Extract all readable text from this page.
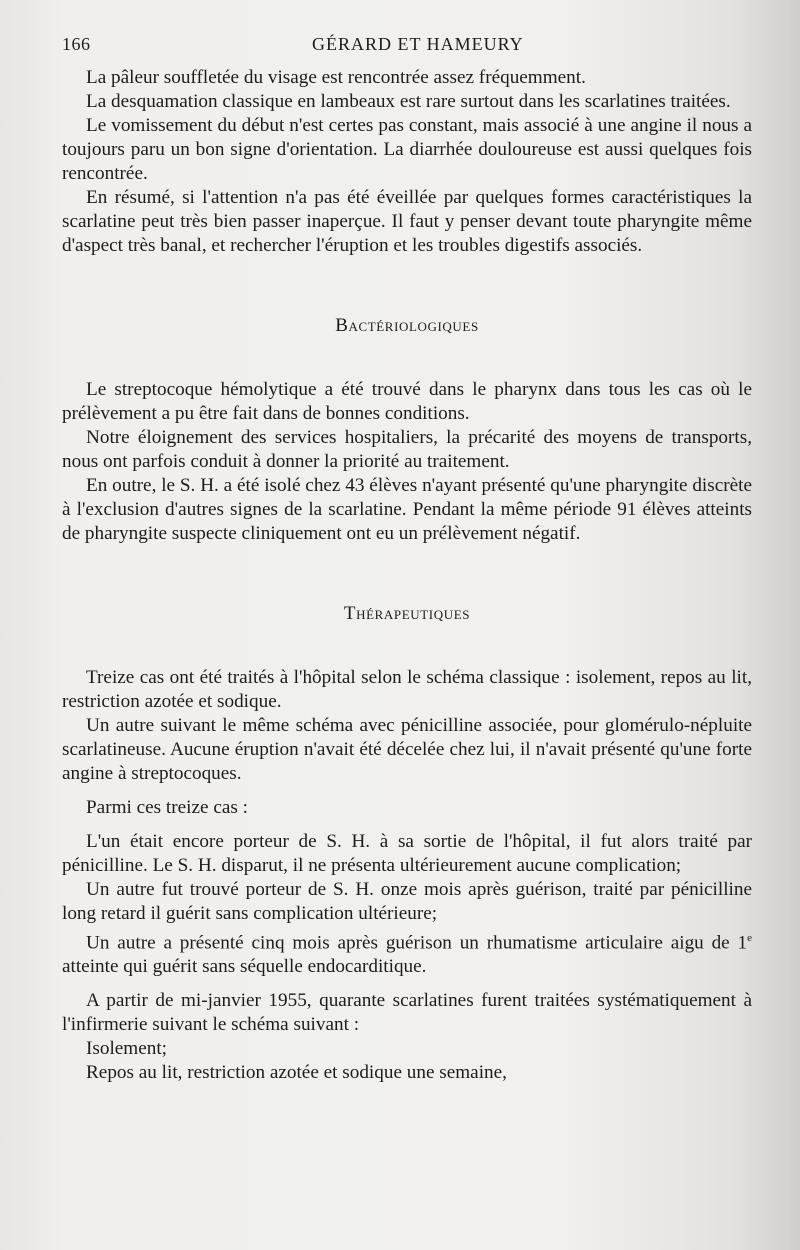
166	GÉRARD ET HAMEURY

La pâleur souffletée du visage est rencontrée assez fréquemment.

La desquamation classique en lambeaux est rare surtout dans les scarlatines traitées.

Le vomissement du début n'est certes pas constant, mais associé à une angine il nous a toujours paru un bon signe d'orientation. La diarrhée douloureuse est aussi quelques fois rencontrée.

En résumé, si l'attention n'a pas été éveillée par quelques formes caractéristiques la scarlatine peut très bien passer inaperçue. Il faut y penser devant toute pharyngite même d'aspect très banal, et rechercher l'éruption et les troubles digestifs associés.

Bactériologiques

Le streptocoque hémolytique a été trouvé dans le pharynx dans tous les cas où le prélèvement a pu être fait dans de bonnes conditions.

Notre éloignement des services hospitaliers, la précarité des moyens de transports, nous ont parfois conduit à donner la priorité au traitement.

En outre, le S. H. a été isolé chez 43 élèves n'ayant présenté qu'une pharyngite discrète à l'exclusion d'autres signes de la scarlatine. Pendant la même période 91 élèves atteints de pharyngite suspecte cliniquement ont eu un prélèvement négatif.

Thérapeutiques

Treize cas ont été traités à l'hôpital selon le schéma classique : isolement, repos au lit, restriction azotée et sodique.

Un autre suivant le même schéma avec pénicilline associée, pour glomérulo-népluite scarlatineuse. Aucune éruption n'avait été décelée chez lui, il n'avait présenté qu'une forte angine à streptocoques.

Parmi ces treize cas :

L'un était encore porteur de S. H. à sa sortie de l'hôpital, il fut alors traité par pénicilline. Le S. H. disparut, il ne présenta ultérieurement aucune complication;

Un autre fut trouvé porteur de S. H. onze mois après guérison, traité par pénicilline long retard il guérit sans complication ultérieure;

Un autre a présenté cinq mois après guérison un rhumatisme articulaire aigu de 1e atteinte qui guérit sans séquelle endocarditique.

A partir de mi-janvier 1955, quarante scarlatines furent traitées systématiquement à l'infirmerie suivant le schéma suivant :

Isolement;

Repos au lit, restriction azotée et sodique une semaine,
